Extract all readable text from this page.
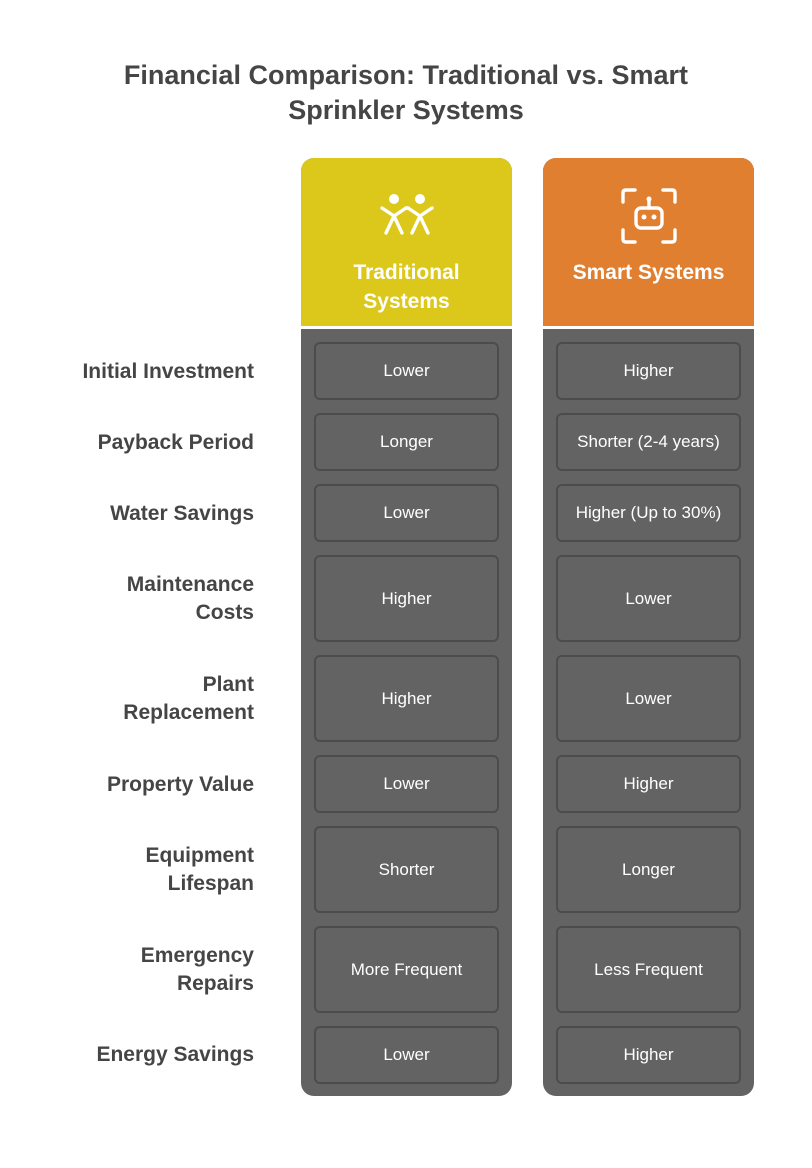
Financial Comparison: Traditional vs. Smart
Sprinkler Systems
Initial Investment
Payback Period
Water Savings
Maintenance
Costs
Plant
Replacement
Property Value
Equipment
Lifespan
Emergency
Repairs
Energy Savings
Traditional
Systems
Lower
Longer
Lower
Higher
Higher
Lower
Shorter
More Frequent
Lower
Smart Systems
Higher
Shorter (2-4 years)
Higher (Up to 30%)
Lower
Lower
Higher
Longer
Less Frequent
Higher
